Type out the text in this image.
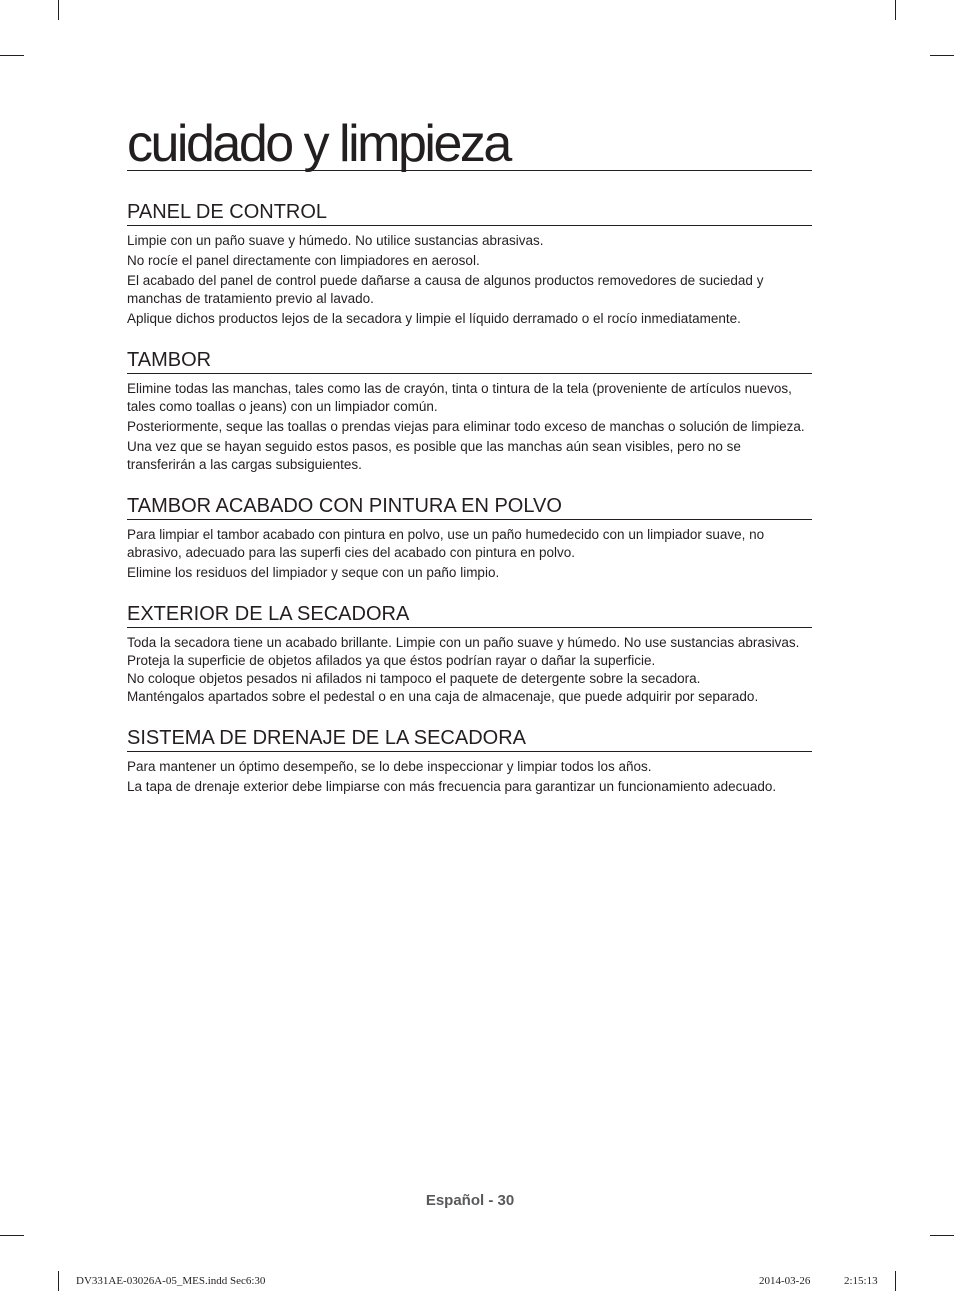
cuidado y limpieza
PANEL DE CONTROL

Limpie con un paño suave y húmedo. No utilice sustancias abrasivas.

No rocíe el panel directamente con limpiadores en aerosol.

El acabado del panel de control puede dañarse a causa de algunos productos removedores de suciedad y manchas de tratamiento previo al lavado.

Aplique dichos productos lejos de la secadora y limpie el líquido derramado o el rocío inmediatamente.

TAMBOR

Elimine todas las manchas, tales como las de crayón, tinta o tintura de la tela (proveniente de artículos nuevos, tales como toallas o jeans) con un limpiador común.

Posteriormente, seque las toallas o prendas viejas para eliminar todo exceso de manchas o solución de limpieza.

Una vez que se hayan seguido estos pasos, es posible que las manchas aún sean visibles, pero no se transferirán a las cargas subsiguientes.

TAMBOR ACABADO CON PINTURA EN POLVO

Para limpiar el tambor acabado con pintura en polvo, use un paño humedecido con un limpiador suave, no abrasivo, adecuado para las superfi cies del acabado con pintura en polvo.

Elimine los residuos del limpiador y seque con un paño limpio.

EXTERIOR DE LA SECADORA

Toda la secadora tiene un acabado brillante. Limpie con un paño suave y húmedo. No use sustancias abrasivas. Proteja la superficie de objetos afilados ya que éstos podrían rayar o dañar la superficie.

No coloque objetos pesados ni afilados ni tampoco el paquete de detergente sobre la secadora.

Manténgalos apartados sobre el pedestal o en una caja de almacenaje, que puede adquirir por separado.

SISTEMA DE DRENAJE DE LA SECADORA

Para mantener un óptimo desempeño, se lo debe inspeccionar y limpiar todos los años.

La tapa de drenaje exterior debe limpiarse con más frecuencia para garantizar un funcionamiento adecuado.

Español - 30
DV331AE-03026A-05_MES.indd Sec6:30	2014-03-26	2:15:13
